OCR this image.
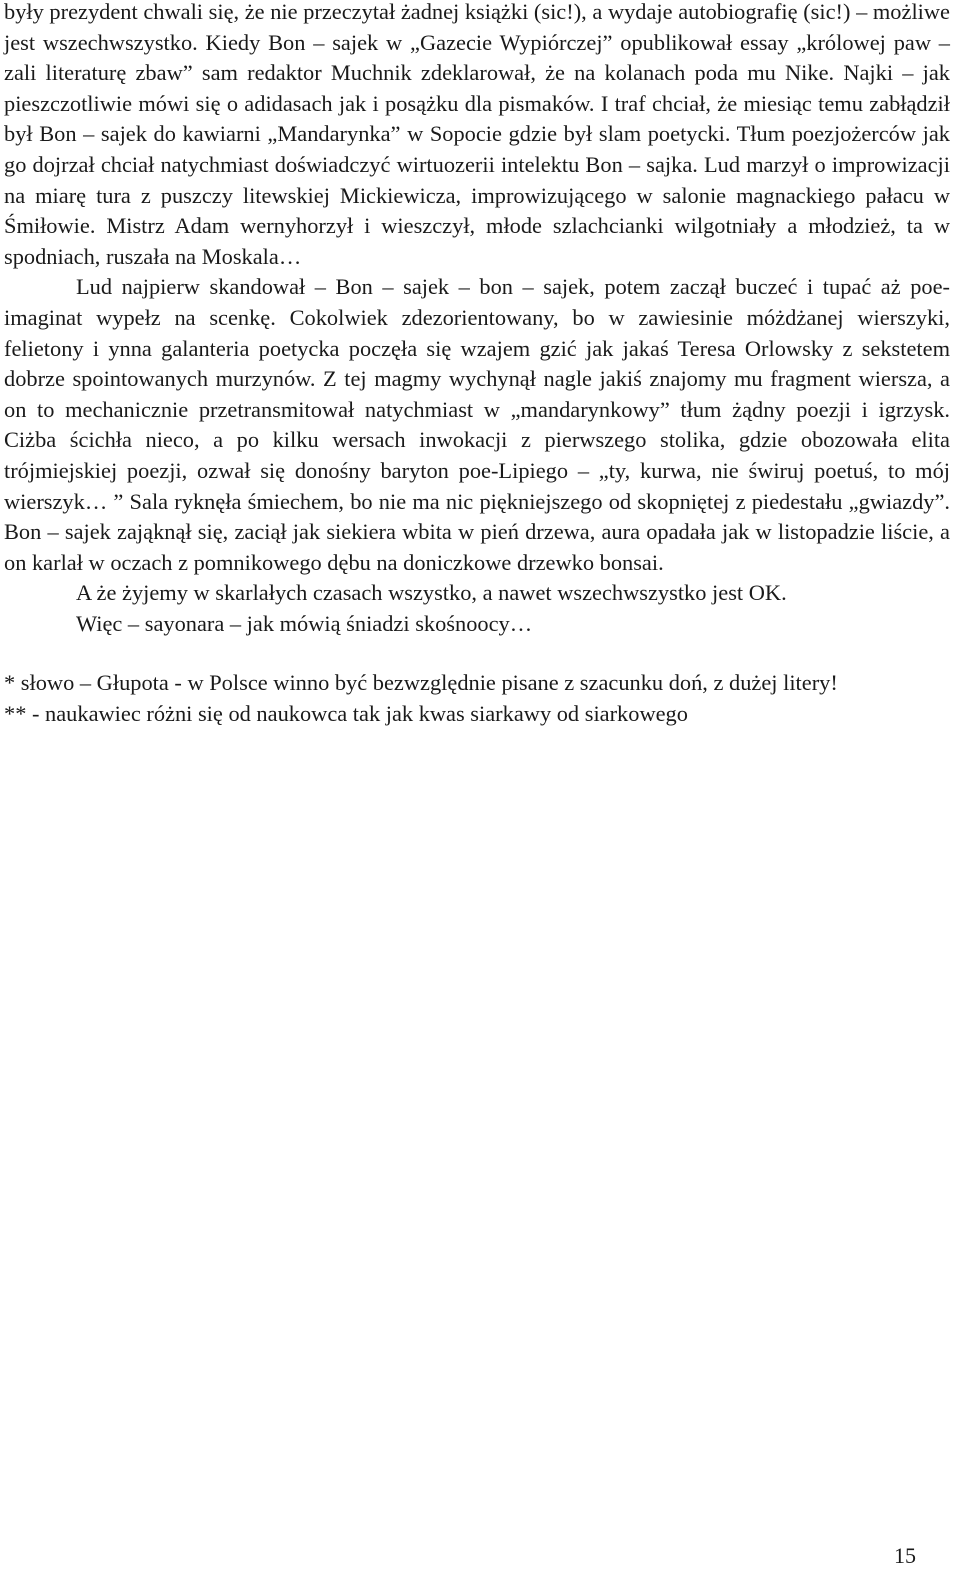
były prezydent chwali się, że nie przeczytał żadnej książki (sic!), a wydaje autobiografię (sic!) – możliwe jest wszechwszystko. Kiedy Bon – sajek w „Gazecie Wypiórczej” opublikował essay „królowej paw – zali literaturę zbaw” sam redaktor Muchnik zdeklarował, że na kolanach poda mu Nike. Najki – jak pieszczotliwie mówi się o adidasach jak i posążku dla pismaków. I traf chciał, że miesiąc temu zabłądził był Bon – sajek do kawiarni „Mandarynka” w Sopocie gdzie był slam poetycki. Tłum poezjożerców jak go dojrzał chciał natychmiast doświadczyć wirtuozerii intelektu Bon – sajka. Lud marzył o improwizacji na miarę tura z puszczy litewskiej Mickiewicza, improwizującego w salonie magnackiego pałacu w Śmiłowie. Mistrz Adam wernyhorzył i wieszczył, młode szlachcianki wilgotniały a młodzież, ta w spodniach, ruszała na Moskala…

Lud najpierw skandował – Bon – sajek – bon – sajek, potem zaczął buczeć i tupać aż poe-imaginat wypełz na scenkę. Cokolwiek zdezorientowany, bo w zawiesinie móżdżanej wierszyki, felietony i ynna galanteria poetycka poczęła się wzajem gzić jak jakaś Teresa Orlowsky z sekstetem dobrze spointowanych murzynów. Z tej magmy wychynął nagle jakiś znajomy mu fragment wiersza, a on to mechanicznie przetransmitował natychmiast w „mandarynkowy” tłum żądny poezji i igrzysk. Ciżba ścichła nieco, a po kilku wersach inwokacji z pierwszego stolika, gdzie obozowała elita trójmiejskiej poezji, ozwał się donośny baryton poe-Lipiego – „ty, kurwa, nie świruj poetuś, to mój wierszyk… ” Sala ryknęła śmiechem, bo nie ma nic piękniejszego od skopniętej z piedestału „gwiazdy”. Bon – sajek zająknął się, zaciął jak siekiera wbita w pień drzewa, aura opadała jak w listopadzie liście, a on karlał w oczach z pomnikowego dębu na doniczkowe drzewko bonsai.

A że żyjemy w skarlałych czasach wszystko, a nawet wszechwszystko jest OK.

Więc – sayonara – jak mówią śniadzi skośnoocy…

* słowo – Głupota - w Polsce winno być bezwzględnie pisane z szacunku doń, z dużej litery!

** - naukawiec różni się od naukowca tak jak kwas siarkawy od siarkowego

15
